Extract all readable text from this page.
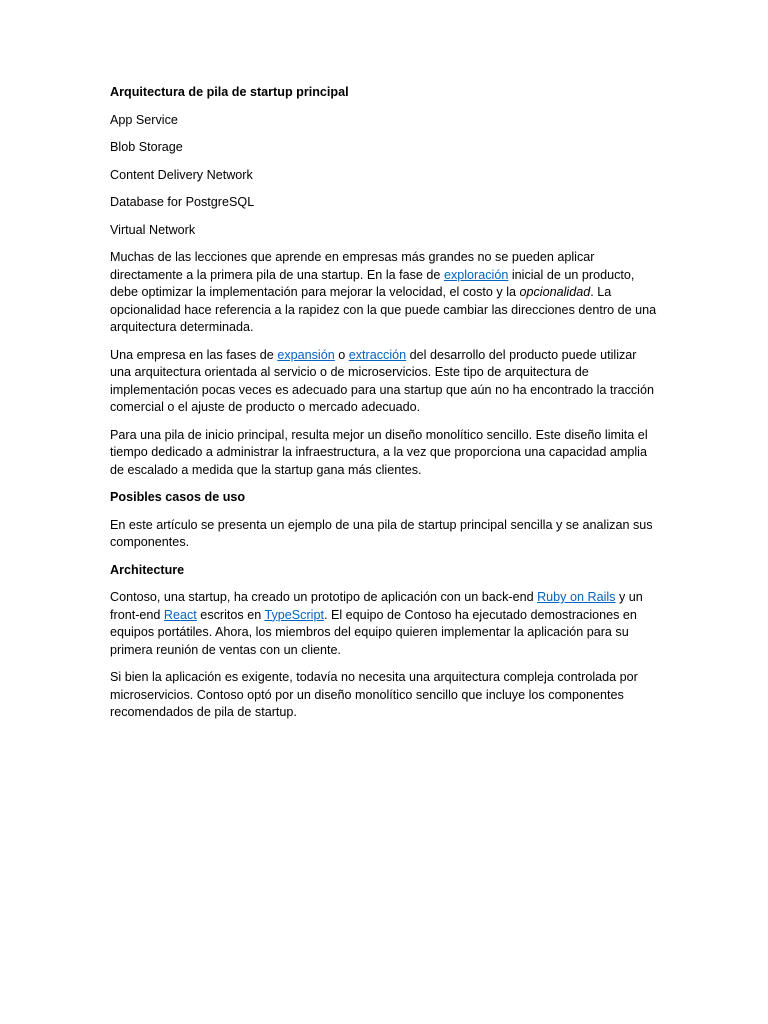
Arquitectura de pila de startup principal

App Service

Blob Storage

Content Delivery Network

Database for PostgreSQL

Virtual Network

Muchas de las lecciones que aprende en empresas más grandes no se pueden aplicar directamente a la primera pila de una startup. En la fase de exploración inicial de un producto, debe optimizar la implementación para mejorar la velocidad, el costo y la opcionalidad. La opcionalidad hace referencia a la rapidez con la que puede cambiar las direcciones dentro de una arquitectura determinada.

Una empresa en las fases de expansión o extracción del desarrollo del producto puede utilizar una arquitectura orientada al servicio o de microservicios. Este tipo de arquitectura de implementación pocas veces es adecuado para una startup que aún no ha encontrado la tracción comercial o el ajuste de producto o mercado adecuado.

Para una pila de inicio principal, resulta mejor un diseño monolítico sencillo. Este diseño limita el tiempo dedicado a administrar la infraestructura, a la vez que proporciona una capacidad amplia de escalado a medida que la startup gana más clientes.

Posibles casos de uso

En este artículo se presenta un ejemplo de una pila de startup principal sencilla y se analizan sus componentes.

Architecture

Contoso, una startup, ha creado un prototipo de aplicación con un back-end Ruby on Rails y un front-end React escritos en TypeScript. El equipo de Contoso ha ejecutado demostraciones en equipos portátiles. Ahora, los miembros del equipo quieren implementar la aplicación para su primera reunión de ventas con un cliente.

Si bien la aplicación es exigente, todavía no necesita una arquitectura compleja controlada por microservicios. Contoso optó por un diseño monolítico sencillo que incluye los componentes recomendados de pila de startup.
